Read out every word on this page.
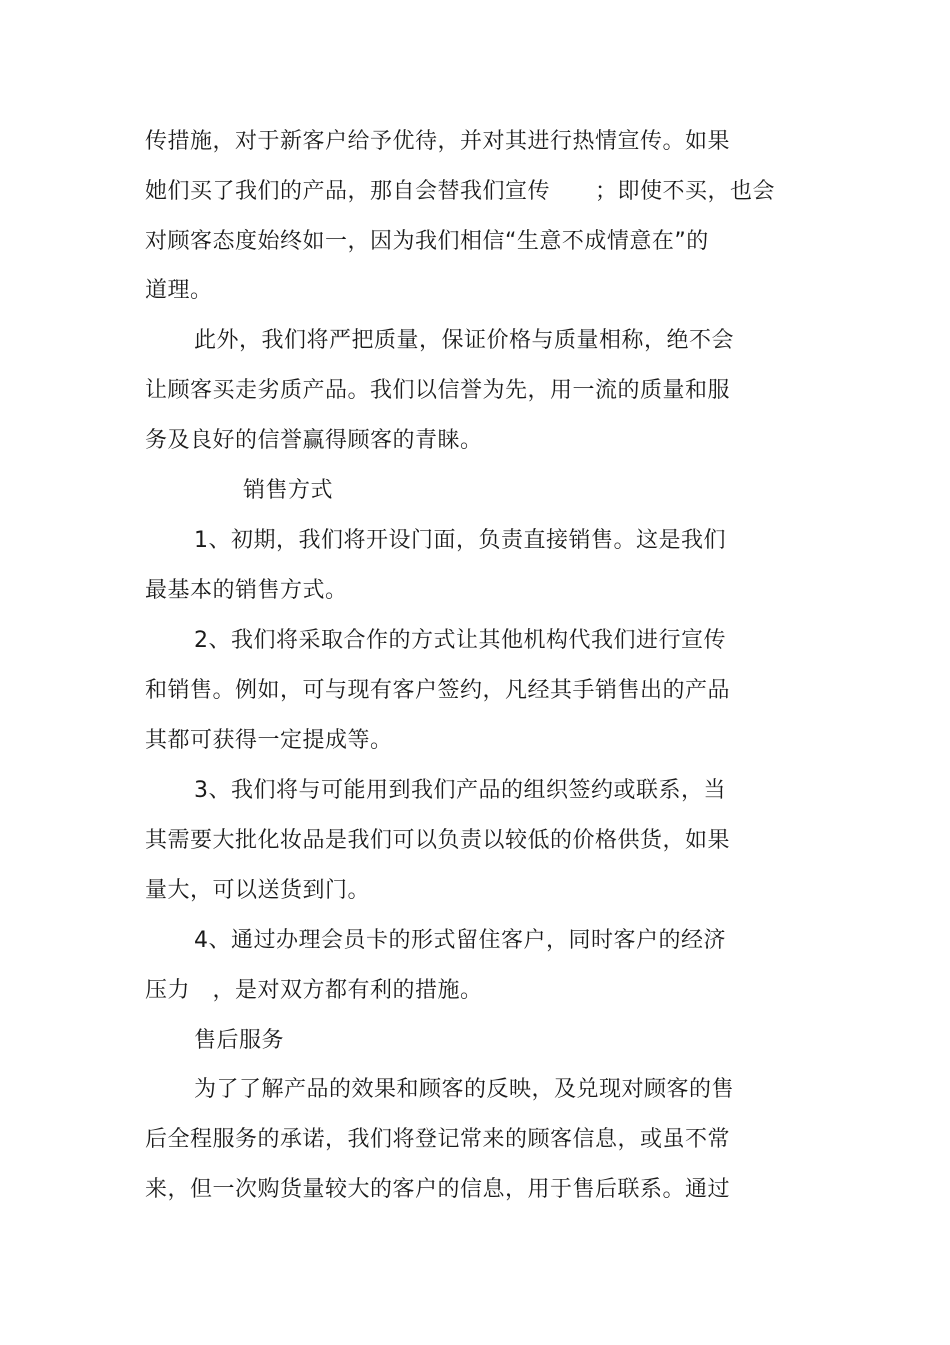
传措施，对于新客户给予优待，并对其进行热情宣传。如果
她们买了我们的产品，那自会替我们宣传　　；即使不买，也会
对顾客态度始终如一，因为我们相信“生意不成情意在”的
道理。
此外，我们将严把质量，保证价格与质量相称，绝不会
让顾客买走劣质产品。我们以信誉为先，用一流的质量和服
务及良好的信誉赢得顾客的青睐。
销售方式
1、初期，我们将开设门面，负责直接销售。这是我们
最基本的销售方式。
2、我们将采取合作的方式让其他机构代我们进行宣传
和销售。例如，可与现有客户签约，凡经其手销售出的产品
其都可获得一定提成等。
3、我们将与可能用到我们产品的组织签约或联系，当
其需要大批化妆品是我们可以负责以较低的价格供货，如果
量大，可以送货到门。
4、通过办理会员卡的形式留住客户，同时客户的经济
压力　，是对双方都有利的措施。
售后服务
为了了解产品的效果和顾客的反映，及兑现对顾客的售
后全程服务的承诺，我们将登记常来的顾客信息，或虽不常
来，但一次购货量较大的客户的信息，用于售后联系。通过
